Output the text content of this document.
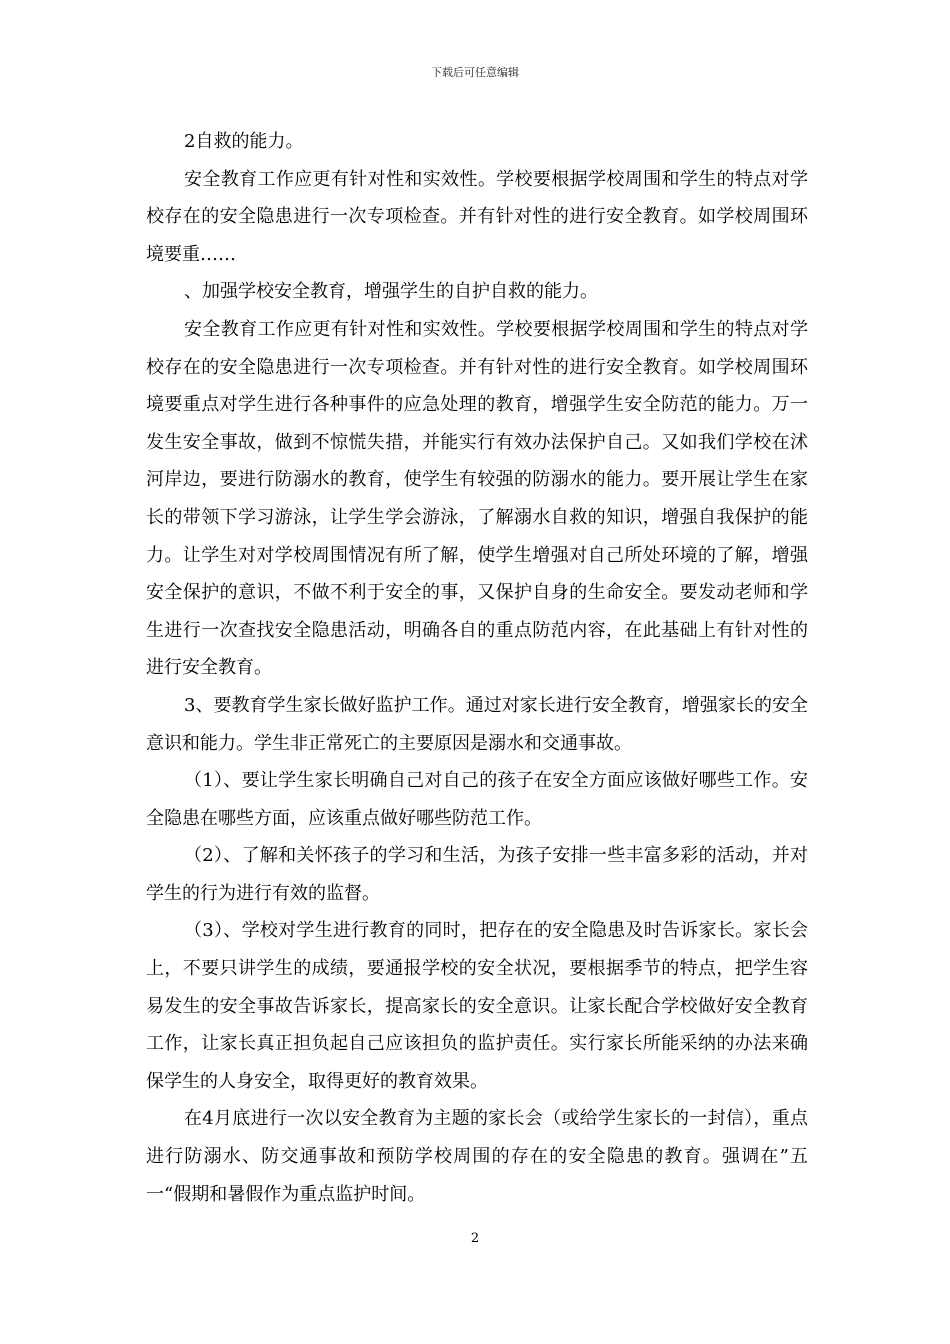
下载后可任意编辑

2自救的能力。

安全教育工作应更有针对性和实效性。学校要根据学校周围和学生的特点对学校存在的安全隐患进行一次专项检查。并有针对性的进行安全教育。如学校周围环境要重……

、加强学校安全教育，增强学生的自护自救的能力。

安全教育工作应更有针对性和实效性。学校要根据学校周围和学生的特点对学校存在的安全隐患进行一次专项检查。并有针对性的进行安全教育。如学校周围环境要重点对学生进行各种事件的应急处理的教育，增强学生安全防范的能力。万一发生安全事故，做到不惊慌失措，并能实行有效办法保护自己。又如我们学校在沭河岸边，要进行防溺水的教育，使学生有较强的防溺水的能力。要开展让学生在家长的带领下学习游泳，让学生学会游泳，了解溺水自救的知识，增强自我保护的能力。让学生对对学校周围情况有所了解，使学生增强对自己所处环境的了解，增强安全保护的意识，不做不利于安全的事，又保护自身的生命安全。要发动老师和学生进行一次查找安全隐患活动，明确各自的重点防范内容，在此基础上有针对性的进行安全教育。

3、要教育学生家长做好监护工作。通过对家长进行安全教育，增强家长的安全意识和能力。学生非正常死亡的主要原因是溺水和交通事故。

（1）、要让学生家长明确自己对自己的孩子在安全方面应该做好哪些工作。安全隐患在哪些方面，应该重点做好哪些防范工作。

（2）、了解和关怀孩子的学习和生活，为孩子安排一些丰富多彩的活动，并对学生的行为进行有效的监督。

（3）、学校对学生进行教育的同时，把存在的安全隐患及时告诉家长。家长会上，不要只讲学生的成绩，要通报学校的安全状况，要根据季节的特点，把学生容易发生的安全事故告诉家长，提高家长的安全意识。让家长配合学校做好安全教育工作，让家长真正担负起自己应该担负的监护责任。实行家长所能采纳的办法来确保学生的人身安全，取得更好的教育效果。

在4月底进行一次以安全教育为主题的家长会（或给学生家长的一封信），重点进行防溺水、防交通事故和预防学校周围的存在的安全隐患的教育。强调在”五一“假期和暑假作为重点监护时间。

2
